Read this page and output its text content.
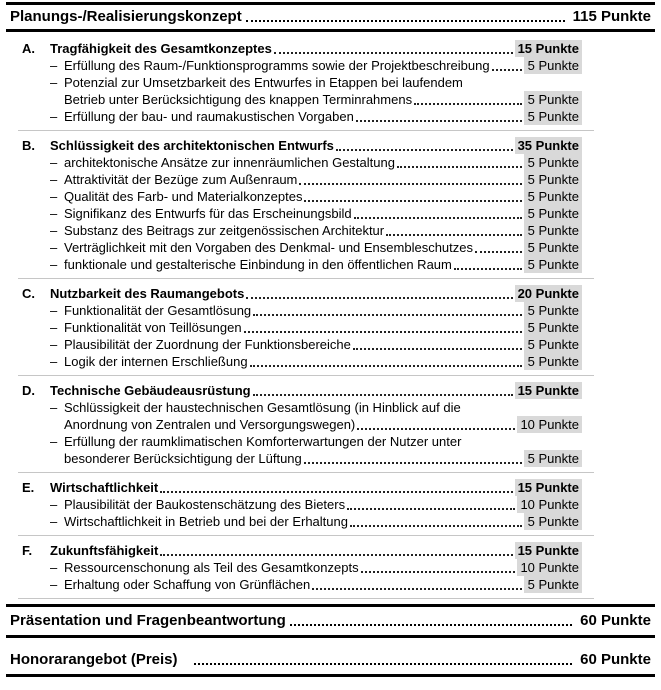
Planungs-/Realisierungskonzept	115 Punkte
A.	Tragfähigkeit des Gesamtkonzeptes	15 Punkte
– Erfüllung des Raum-/Funktionsprogramms sowie der Projektbeschreibung	5 Punkte
– Potenzial zur Umsetzbarkeit des Entwurfes in Etappen bei laufendem
Betrieb unter Berücksichtigung des knappen Terminrahmens	5 Punkte
– Erfüllung der bau- und raumakustischen Vorgaben	5 Punkte
B.	Schlüssigkeit des architektonischen Entwurfs	35 Punkte
– architektonische Ansätze zur innenräumlichen Gestaltung	5 Punkte
– Attraktivität der Bezüge zum Außenraum	5 Punkte
– Qualität des Farb- und Materialkonzeptes	5 Punkte
– Signifikanz des Entwurfs für das Erscheinungsbild	5 Punkte
– Substanz des Beitrags zur zeitgenössischen Architektur	5 Punkte
– Verträglichkeit mit den Vorgaben des Denkmal- und Ensembleschutzes	5 Punkte
– funktionale und gestalterische Einbindung in den öffentlichen Raum	5 Punkte
C.	Nutzbarkeit des Raumangebots	20 Punkte
– Funktionalität der Gesamtlösung	5 Punkte
– Funktionalität von Teillösungen	5 Punkte
– Plausibilität der Zuordnung der Funktionsbereiche	5 Punkte
– Logik der internen Erschließung	5 Punkte
D.	Technische Gebäudeausrüstung	15 Punkte
– Schlüssigkeit der haustechnischen Gesamtlösung (in Hinblick auf die
Anordnung von Zentralen und Versorgungswegen)	10 Punkte
– Erfüllung der raumklimatischen Komforterwartungen der Nutzer unter
besonderer Berücksichtigung der Lüftung	5 Punkte
E.	Wirtschaftlichkeit	15 Punkte
– Plausibilität der Baukostenschätzung des Bieters	10 Punkte
– Wirtschaftlichkeit in Betrieb und bei der Erhaltung	5 Punkte
F.	Zukunftsfähigkeit	15 Punkte
– Ressourcenschonung als Teil des Gesamtkonzepts	10 Punkte
– Erhaltung oder Schaffung von Grünflächen	5 Punkte
Präsentation und Fragenbeantwortung	60 Punkte
Honorarangebot (Preis)	60 Punkte
